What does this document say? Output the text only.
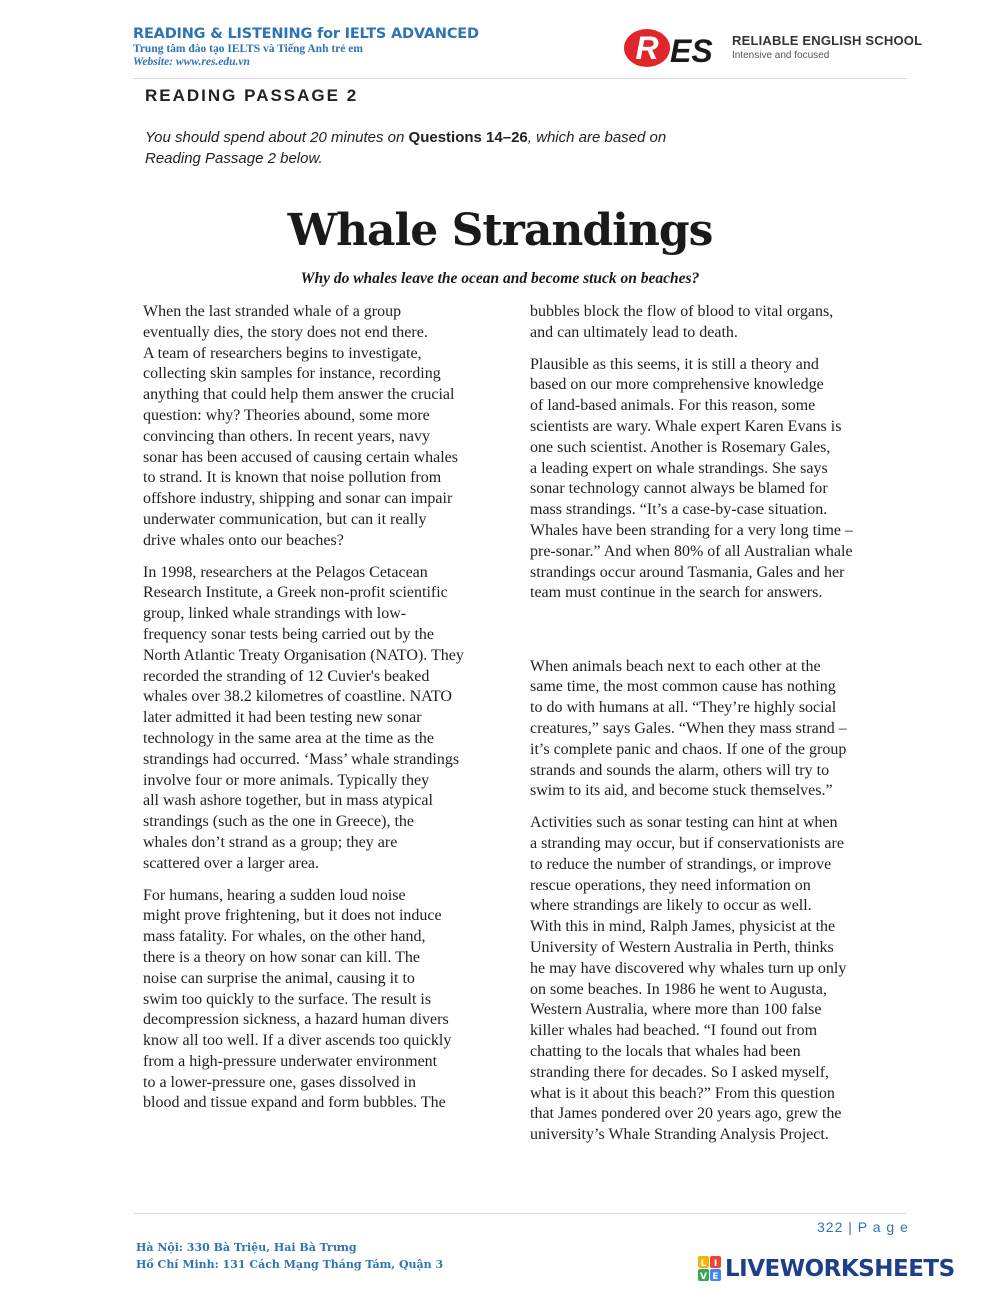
READING & LISTENING for IELTS ADVANCED
Trung tâm đào tạo IELTS và Tiếng Anh trẻ em
Website: www.res.edu.vn	R ES RELIABLE ENGLISH SCHOOL
Intensive and focused
READING PASSAGE 2
You should spend about 20 minutes on Questions 14–26, which are based on
Reading Passage 2 below.
Whale Strandings
Why do whales leave the ocean and become stuck on beaches?

When the last stranded whale of a group
eventually dies, the story does not end there.
A team of researchers begins to investigate,
collecting skin samples for instance, recording
anything that could help them answer the crucial
question: why? Theories abound, some more
convincing than others. In recent years, navy
sonar has been accused of causing certain whales
to strand. It is known that noise pollution from
offshore industry, shipping and sonar can impair
underwater communication, but can it really
drive whales onto our beaches?

In 1998, researchers at the Pelagos Cetacean
Research Institute, a Greek non-profit scientific
group, linked whale strandings with low-
frequency sonar tests being carried out by the
North Atlantic Treaty Organisation (NATO). They
recorded the stranding of 12 Cuvier's beaked
whales over 38.2 kilometres of coastline. NATO
later admitted it had been testing new sonar
technology in the same area at the time as the
strandings had occurred. ‘Mass’ whale strandings
involve four or more animals. Typically they
all wash ashore together, but in mass atypical
strandings (such as the one in Greece), the
whales don’t strand as a group; they are
scattered over a larger area.

For humans, hearing a sudden loud noise
might prove frightening, but it does not induce
mass fatality. For whales, on the other hand,
there is a theory on how sonar can kill. The
noise can surprise the animal, causing it to
swim too quickly to the surface. The result is
decompression sickness, a hazard human divers
know all too well. If a diver ascends too quickly
from a high-pressure underwater environment
to a lower-pressure one, gases dissolved in
blood and tissue expand and form bubbles. The

bubbles block the flow of blood to vital organs,
and can ultimately lead to death.

Plausible as this seems, it is still a theory and
based on our more comprehensive knowledge
of land-based animals. For this reason, some
scientists are wary. Whale expert Karen Evans is
one such scientist. Another is Rosemary Gales,
a leading expert on whale strandings. She says
sonar technology cannot always be blamed for
mass strandings. “It’s a case-by-case situation.
Whales have been stranding for a very long time –
pre-sonar.” And when 80% of all Australian whale
strandings occur around Tasmania, Gales and her
team must continue in the search for answers.

When animals beach next to each other at the
same time, the most common cause has nothing
to do with humans at all. “They’re highly social
creatures,” says Gales. “When they mass strand –
it’s complete panic and chaos. If one of the group
strands and sounds the alarm, others will try to
swim to its aid, and become stuck themselves.”

Activities such as sonar testing can hint at when
a stranding may occur, but if conservationists are
to reduce the number of strandings, or improve
rescue operations, they need information on
where strandings are likely to occur as well.
With this in mind, Ralph James, physicist at the
University of Western Australia in Perth, thinks
he may have discovered why whales turn up only
on some beaches. In 1986 he went to Augusta,
Western Australia, where more than 100 false
killer whales had beached. “I found out from
chatting to the locals that whales had been
stranding there for decades. So I asked myself,
what is it about this beach?” From this question
that James pondered over 20 years ago, grew the
university’s Whale Stranding Analysis Project.

322 | P a g e
Hà Nội: 330 Bà Triệu, Hai Bà Trưng
Hồ Chí Minh: 131 Cách Mạng Tháng Tám, Quận 3	L I
V E LIVEWORKSHEETS
